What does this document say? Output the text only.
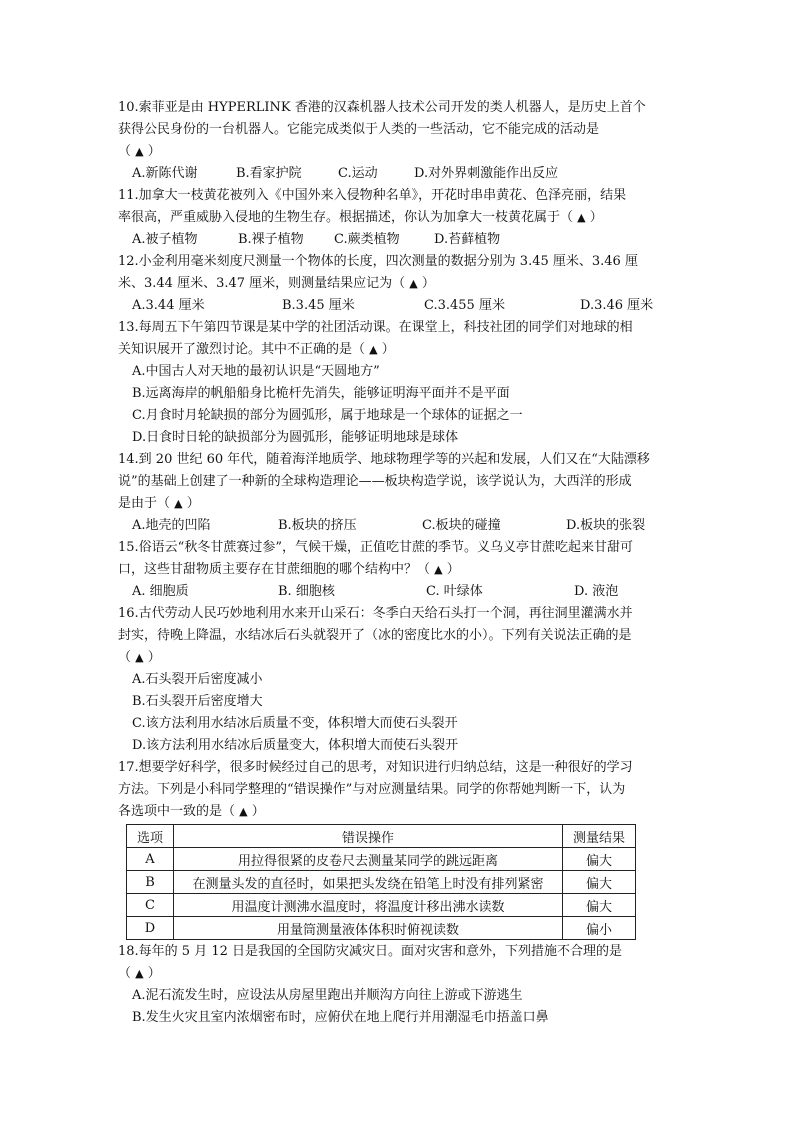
10.索菲亚是由 HYPERLINK 香港的汉森机器人技术公司开发的类人机器人，是历史上首个
获得公民身份的一台机器人。它能完成类似于人类的一些活动，它不能完成的活动是
（ ▲ ）
A.新陈代谢	B.看家护院	C.运动	D.对外界刺激能作出反应
11.加拿大一枝黄花被列入《中国外来入侵物种名单》，开花时串串黄花、色泽亮丽，结果
率很高，严重威胁入侵地的生物生存。根据描述，你认为加拿大一枝黄花属于（ ▲ ）
A.被子植物	B.裸子植物	C.蕨类植物	D.苔藓植物
12.小金利用毫米刻度尺测量一个物体的长度，四次测量的数据分别为 3.45 厘米、3.46 厘
米、3.44 厘米、3.47 厘米，则测量结果应记为（ ▲ ）
A.3.44 厘米	B.3.45 厘米	C.3.455 厘米	D.3.46 厘米
13.每周五下午第四节课是某中学的社团活动课。在课堂上，科技社团的同学们对地球的相
关知识展开了激烈讨论。其中不正确的是（ ▲ ）
A.中国古人对天地的最初认识是“天圆地方”
B.远离海岸的帆船船身比桅杆先消失，能够证明海平面并不是平面
C.月食时月轮缺损的部分为圆弧形，属于地球是一个球体的证据之一
D.日食时日轮的缺损部分为圆弧形，能够证明地球是球体
14.到 20 世纪 60 年代，随着海洋地质学、地球物理学等的兴起和发展，人们又在“大陆漂移
说”的基础上创建了一种新的全球构造理论——板块构造学说，该学说认为，大西洋的形成
是由于（ ▲ ）
A.地壳的凹陷	B.板块的挤压	C.板块的碰撞	D.板块的张裂
15.俗语云“秋冬甘蔗赛过参”，气候干燥，正值吃甘蔗的季节。义乌义亭甘蔗吃起来甘甜可
口，这些甘甜物质主要存在甘蔗细胞的哪个结构中？（ ▲ ）
A. 细胞质	B. 细胞核	C. 叶绿体	D. 液泡
16.古代劳动人民巧妙地利用水来开山采石：冬季白天给石头打一个洞，再往洞里灌满水并
封实，待晚上降温，水结冰后石头就裂开了（冰的密度比水的小）。下列有关说法正确的是
（ ▲ ）
A.石头裂开后密度减小
B.石头裂开后密度增大
C.该方法利用水结冰后质量不变，体积增大而使石头裂开
D.该方法利用水结冰后质量变大，体积增大而使石头裂开
17.想要学好科学，很多时候经过自己的思考，对知识进行归纳总结，这是一种很好的学习
方法。下列是小科同学整理的“错误操作”与对应测量结果。同学的你帮她判断一下，认为
各选项中一致的是（ ▲ ）
选项	错误操作	测量结果
A	用拉得很紧的皮卷尺去测量某同学的跳远距离	偏大
B	在测量头发的直径时，如果把头发绕在铅笔上时没有排列紧密	偏大
C	用温度计测沸水温度时，将温度计移出沸水读数	偏大
D	用量筒测量液体体积时俯视读数	偏小
18.每年的 5 月 12 日是我国的全国防灾减灾日。面对灾害和意外，下列措施不合理的是
（ ▲ ）
A.泥石流发生时，应设法从房屋里跑出并顺沟方向往上游或下游逃生
B.发生火灾且室内浓烟密布时，应俯伏在地上爬行并用潮湿毛巾捂盖口鼻
